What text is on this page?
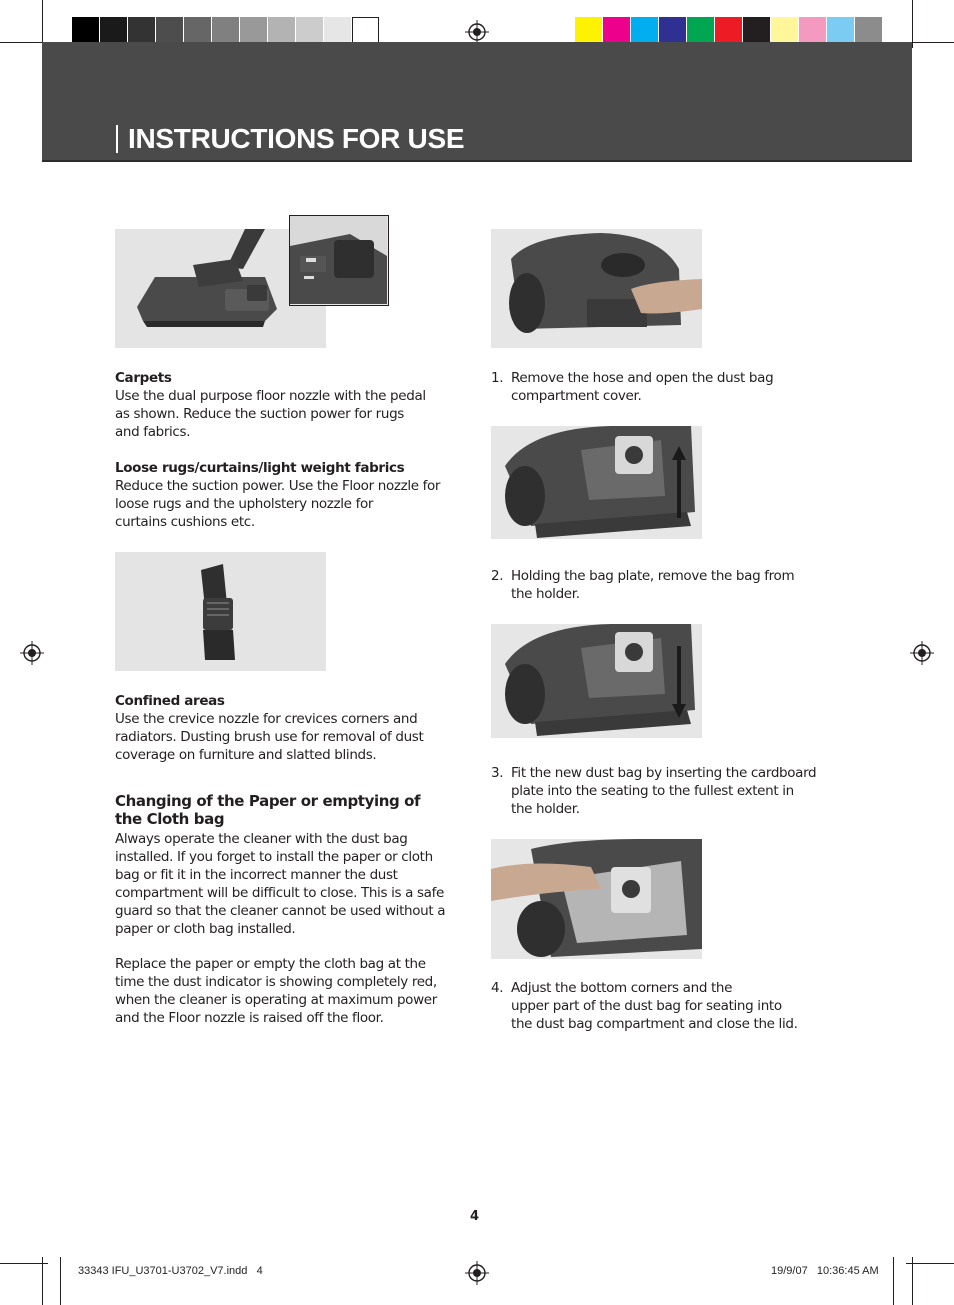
INSTRUCTIONS FOR USE
Carpets
Use the dual purpose floor nozzle with the pedal
as shown. Reduce the suction power for rugs
and fabrics.
Loose rugs/curtains/light weight fabrics
Reduce the suction power. Use the Floor nozzle for
loose rugs and the upholstery nozzle for
curtains cushions etc.
Confined areas
Use the crevice nozzle for crevices corners and
radiators. Dusting brush use for removal of dust
coverage on furniture and slatted blinds.
Changing of the Paper or emptying of
the Cloth bag
Always operate the cleaner with the dust bag
installed. If you forget to install the paper or cloth
bag or fit it in the incorrect manner the dust
compartment will be difficult to close. This is a safe
guard so that the cleaner cannot be used without a
paper or cloth bag installed.
Replace the paper or empty the cloth bag at the
time the dust indicator is showing completely red,
when the cleaner is operating at maximum power
and the Floor nozzle is raised off the floor.
1. Remove the hose and open the dust bag
compartment cover.
2. Holding the bag plate, remove the bag from
the holder.
3. Fit the new dust bag by inserting the cardboard
plate into the seating to the fullest extent in
the holder.
4. Adjust the bottom corners and the
upper part of the dust bag for seating into
the dust bag compartment and close the lid.
4
33343 IFU_U3701-U3702_V7.indd   4	19/9/07   10:36:45 AM
